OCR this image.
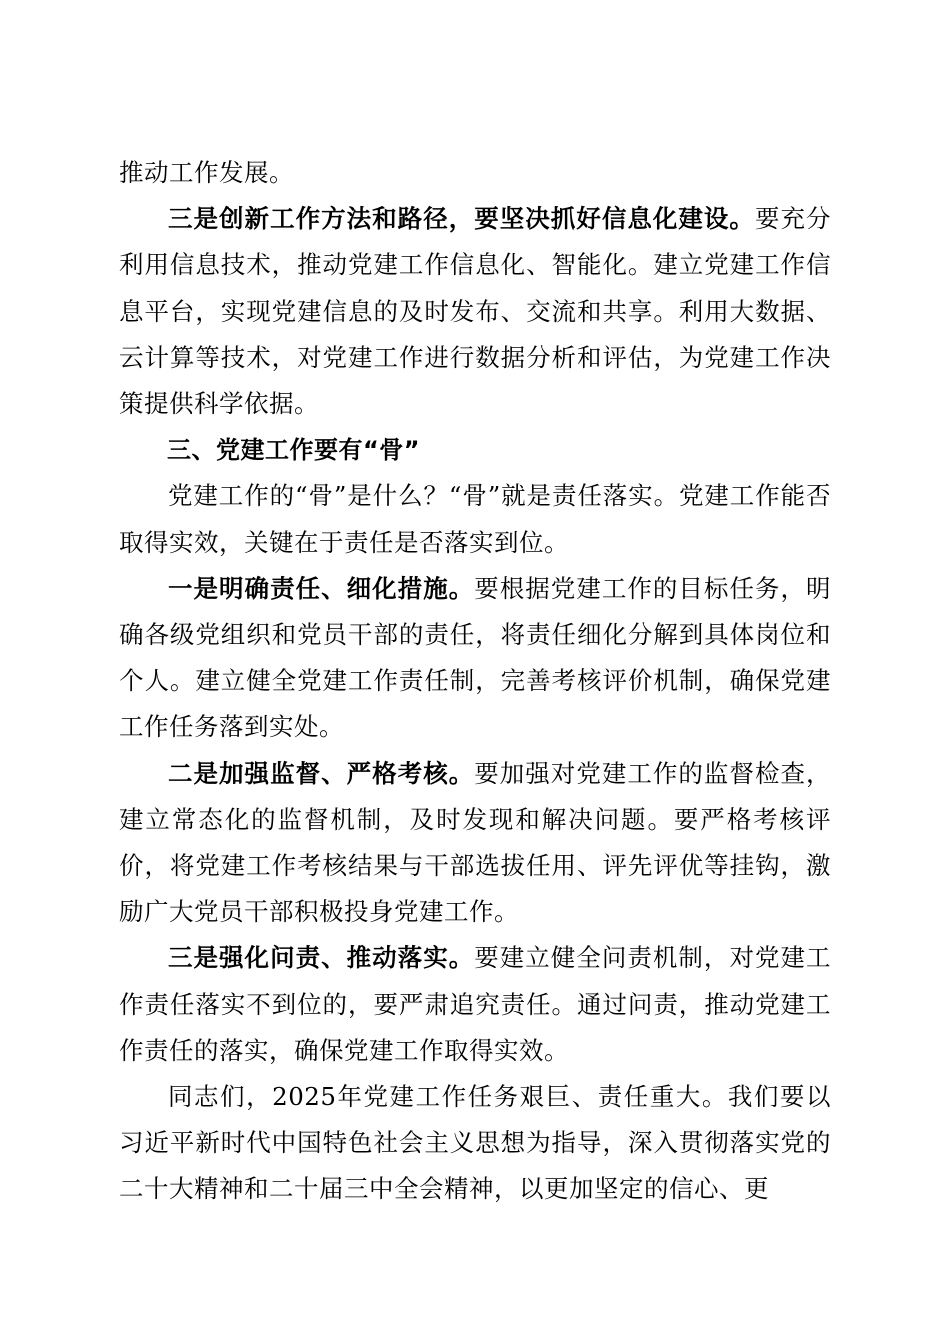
推动工作发展。

三是创新工作方法和路径，要坚决抓好信息化建设。要充分利用信息技术，推动党建工作信息化、智能化。建立党建工作信息平台，实现党建信息的及时发布、交流和共享。利用大数据、云计算等技术，对党建工作进行数据分析和评估，为党建工作决策提供科学依据。

三、党建工作要有“骨”

党建工作的“骨”是什么？“骨”就是责任落实。党建工作能否取得实效，关键在于责任是否落实到位。

一是明确责任、细化措施。要根据党建工作的目标任务，明确各级党组织和党员干部的责任，将责任细化分解到具体岗位和个人。建立健全党建工作责任制，完善考核评价机制，确保党建工作任务落到实处。

二是加强监督、严格考核。要加强对党建工作的监督检查，建立常态化的监督机制，及时发现和解决问题。要严格考核评价，将党建工作考核结果与干部选拔任用、评先评优等挂钩，激励广大党员干部积极投身党建工作。

三是强化问责、推动落实。要建立健全问责机制，对党建工作责任落实不到位的，要严肃追究责任。通过问责，推动党建工作责任的落实，确保党建工作取得实效。

同志们，2025年党建工作任务艰巨、责任重大。我们要以习近平新时代中国特色社会主义思想为指导，深入贯彻落实党的二十大精神和二十届三中全会精神，以更加坚定的信心、更
